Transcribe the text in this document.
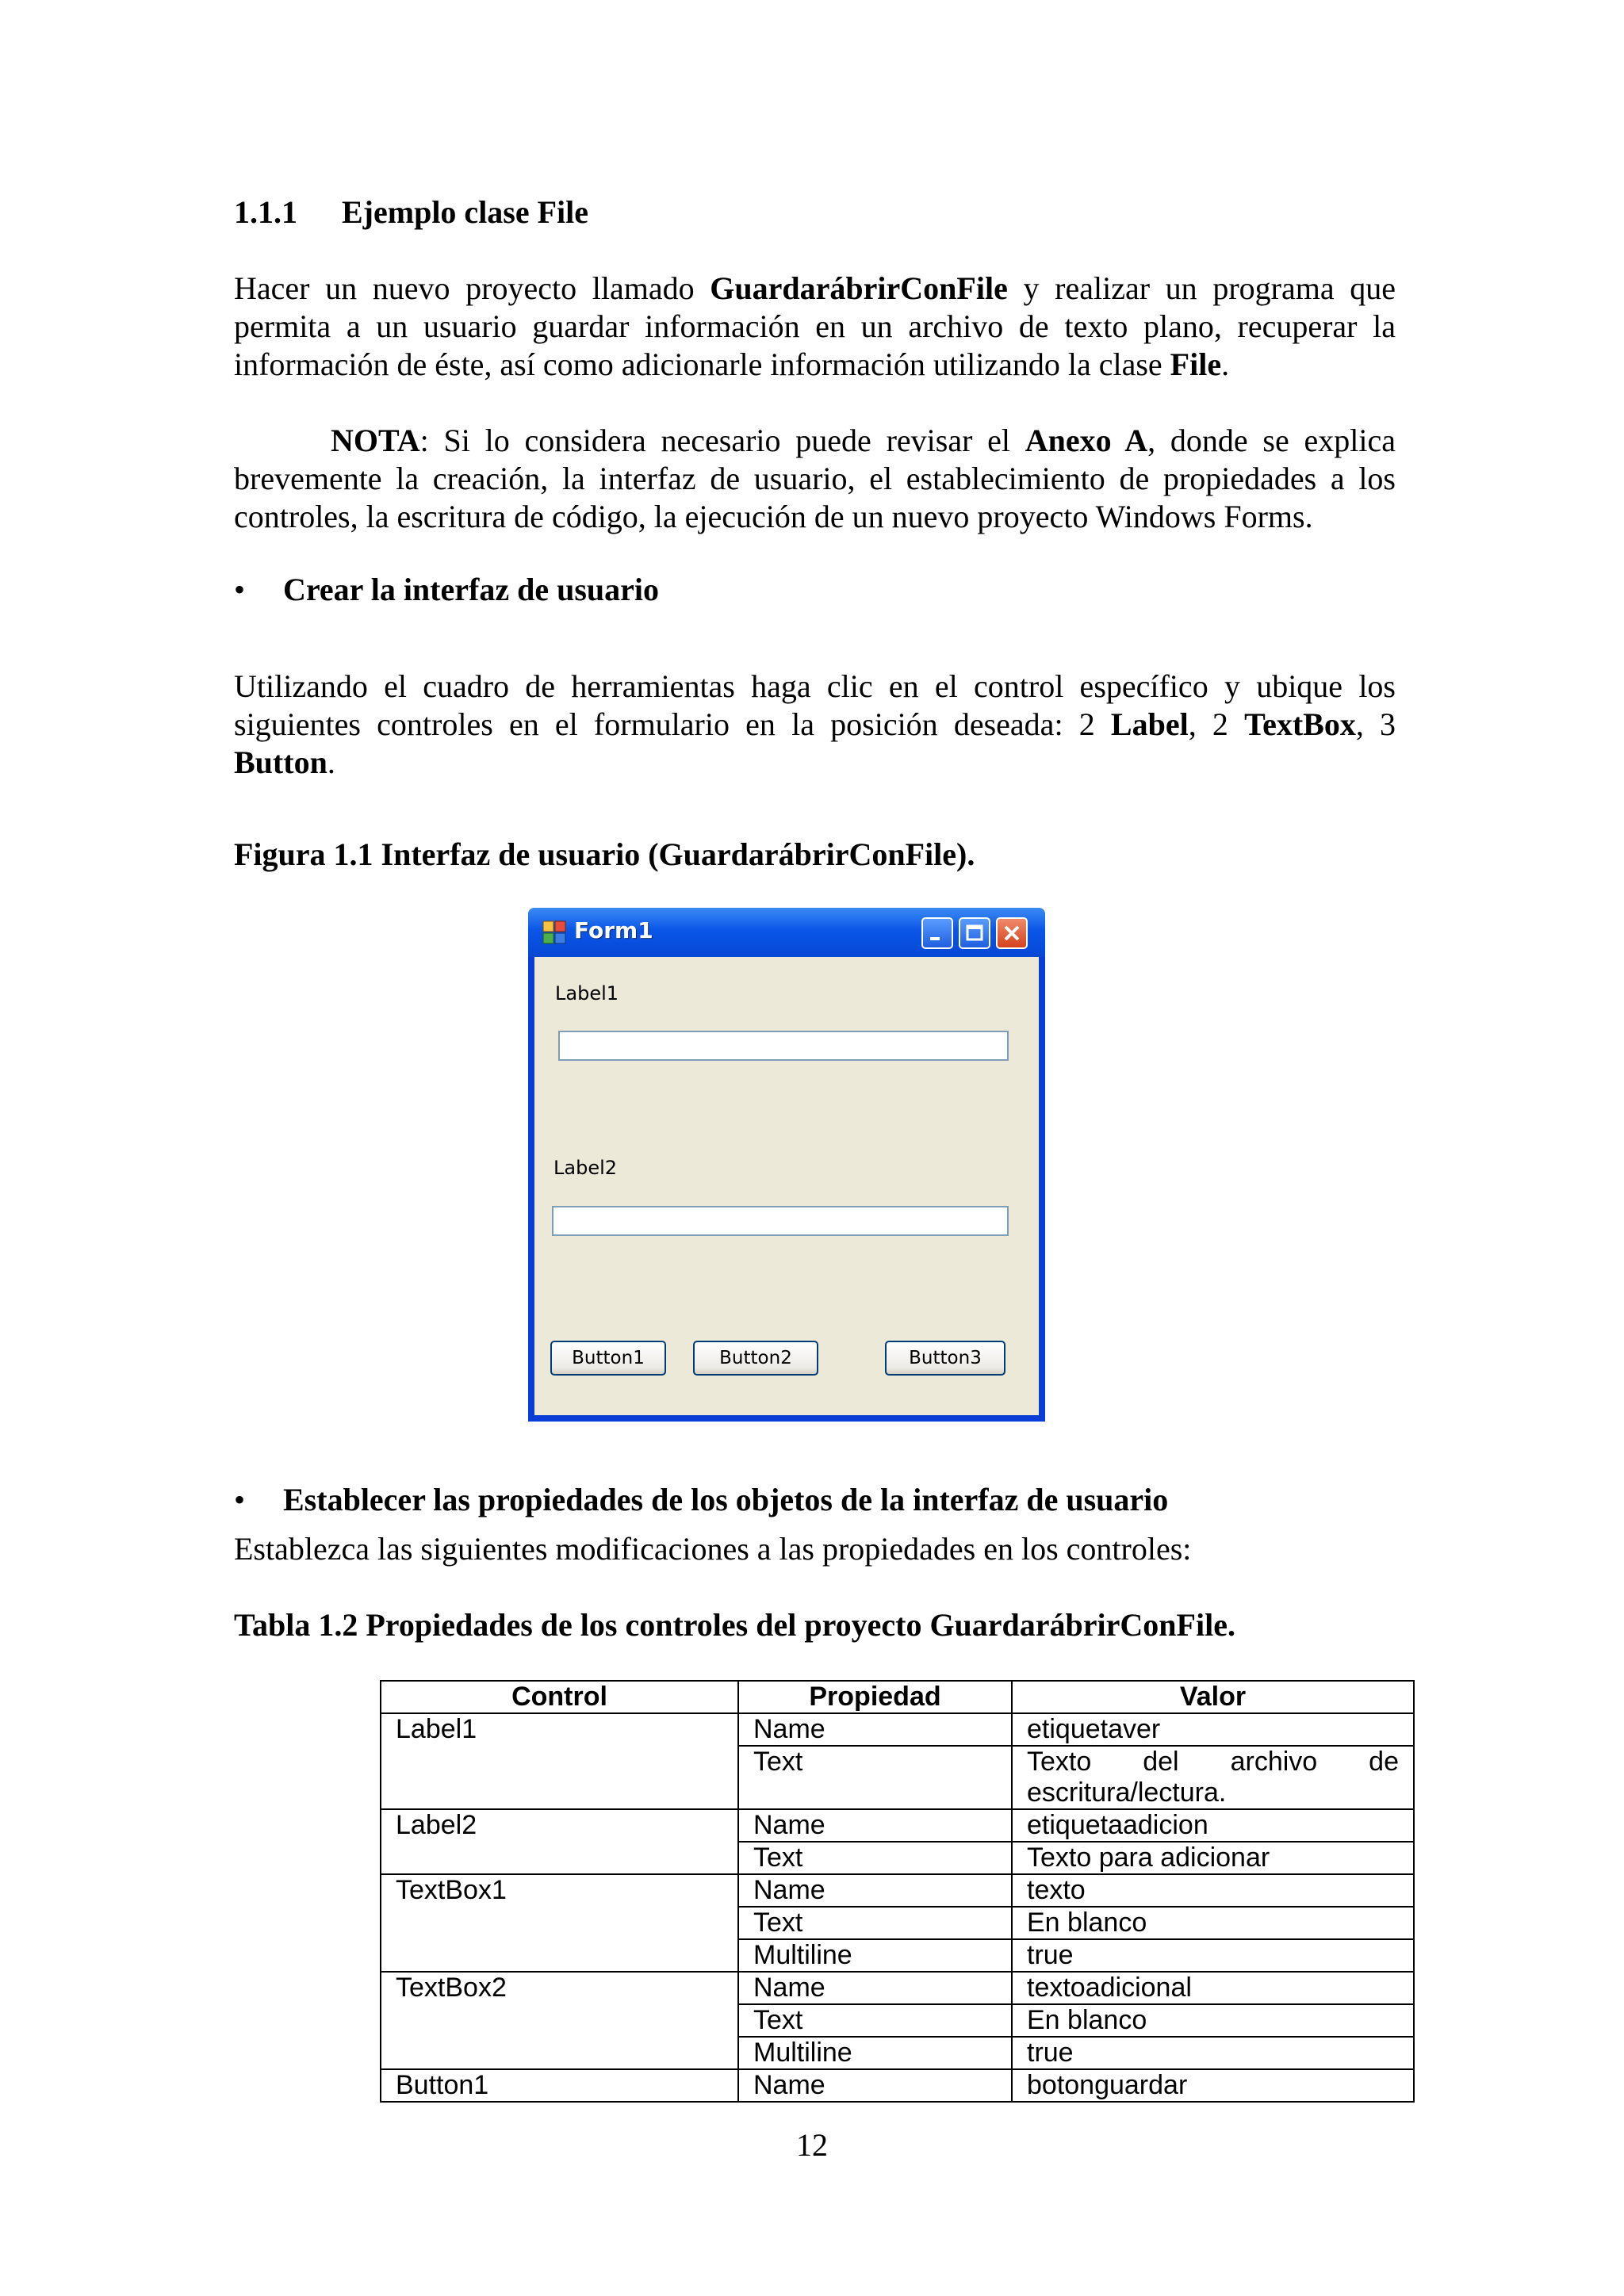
1.1.1 Ejemplo clase File
Hacer un nuevo proyecto llamado GuardarábrirConFile y realizar un programa que permita a un usuario guardar información en un archivo de texto plano, recuperar la información de éste, así como adicionarle información utilizando la clase File.
NOTA: Si lo considera necesario puede revisar el Anexo A, donde se explica brevemente la creación, la interfaz de usuario, el establecimiento de propiedades a los controles, la escritura de código, la ejecución de un nuevo proyecto Windows Forms.
• Crear la interfaz de usuario
Utilizando el cuadro de herramientas haga clic en el control específico y ubique los siguientes controles en el formulario en la posición deseada: 2 Label, 2 TextBox, 3 Button.
Figura 1.1 Interfaz de usuario (GuardarábrirConFile).
Form1
Label1
Label2
Button1	Button2	Button3
• Establecer las propiedades de los objetos de la interfaz de usuario
Establezca las siguientes modificaciones a las propiedades en los controles:
Tabla 1.2 Propiedades de los controles del proyecto GuardarábrirConFile.
Control	Propiedad	Valor
Label1	Name	etiquetaver
	Text	Texto del archivo de escritura/lectura.
Label2	Name	etiquetaadicion
	Text	Texto para adicionar
TextBox1	Name	texto
	Text	En blanco
	Multiline	true
TextBox2	Name	textoadicional
	Text	En blanco
	Multiline	true
Button1	Name	botonguardar
12
